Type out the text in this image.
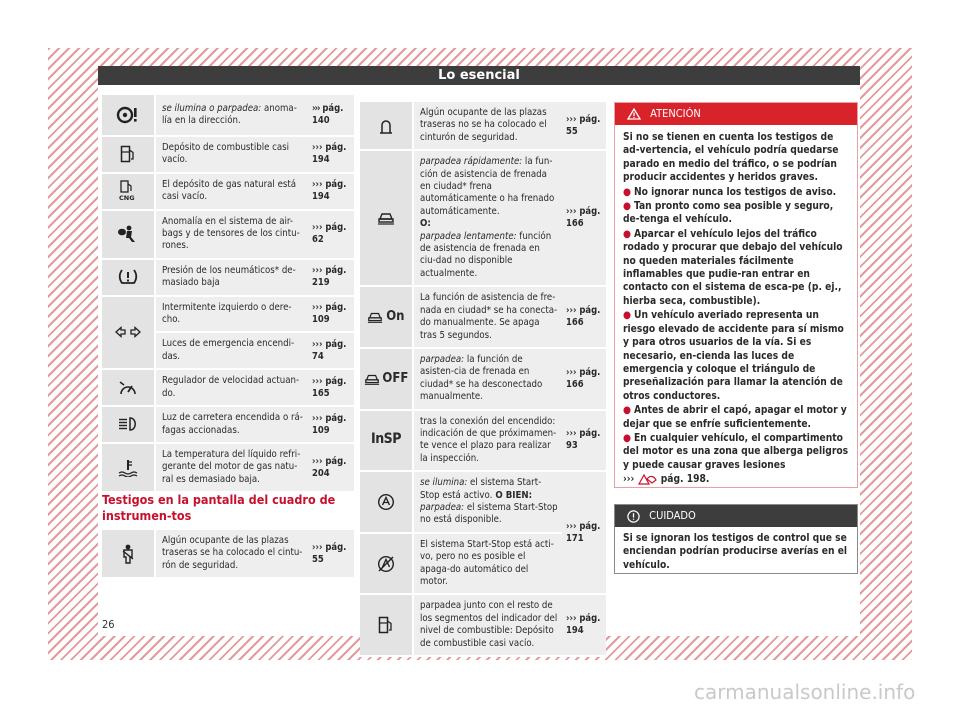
Lo esencial
	se ilumina o parpadea: anoma-lía en la dirección.	››› pág. 140
	Depósito de combustible casi vacío.	››› pág. 194

CNG	El depósito de gas natural está casi vacío.	››› pág. 194
	Anomalía en el sistema de air-bags y de tensores de los cintu-rones.	››› pág. 62
	Presión de los neumáticos* de-masiado baja	››› pág. 219
	Intermitente izquierdo o dere-cho.	››› pág. 109
	Luces de emergencia encendi-das.	››› pág. 74
	Regulador de velocidad actuan-do.	››› pág. 165
	Luz de carretera encendida o rá-fagas accionadas.	››› pág. 109
	La temperatura del líquido refri-gerante del motor de gas natu-ral es demasiado baja.	››› pág. 204
Testigos en la pantalla del cuadro de instrumen-tos
	Algún ocupante de las plazas traseras se ha colocado el cintu-rón de seguridad.	››› pág. 55
	Algún ocupante de las plazas traseras no se ha colocado el cinturón de seguridad.	››› pág. 55
	parpadea rápidamente: la fun-ción de asistencia de frenada en ciudad* frena automáticamente o ha frenado automáticamente.
O:
parpadea lentamente: función de asistencia de frenada en ciu-dad no disponible actualmente.	››› pág. 166
On	La función de asistencia de fre-nada en ciudad* se ha conecta-do manualmente. Se apaga tras 5 segundos.	››› pág. 166
OFF	parpadea: la función de asisten-cia de frenada en ciudad* se ha desconectado manualmente.	››› pág. 166
InSP	tras la conexión del encendido: indicación de que próximamen-te vence el plazo para realizar la inspección.	››› pág. 93
	se ilumina: el sistema Start-Stop está activo. O BIEN:
parpadea: el sistema Start-Stop no está disponible.	››› pág. 171
	El sistema Start-Stop está acti-vo, pero no es posible el apaga-do automático del motor.	
	parpadea junto con el resto de los segmentos del indicador del nivel de combustible: Depósito de combustible casi vacío.	››› pág. 194
ATENCIÓN

Si no se tienen en cuenta los testigos de ad-vertencia, el vehículo podría quedarse parado en medio del tráfico, o se podrían producir accidentes y heridos graves.

● No ignorar nunca los testigos de aviso.

● Tan pronto como sea posible y seguro, de-tenga el vehículo.

● Aparcar el vehículo lejos del tráfico rodado y procurar que debajo del vehículo no queden materiales fácilmente inflamables que pudie-ran entrar en contacto con el sistema de esca-pe (p. ej., hierba seca, combustible).

● Un vehículo averiado representa un riesgo elevado de accidente para sí mismo y para otros usuarios de la vía. Si es necesario, en-cienda las luces de emergencia y coloque el triángulo de preseñalización para llamar la atención de otros conductores.

● Antes de abrir el capó, apagar el motor y dejar que se enfríe suficientemente.

● En cualquier vehículo, el compartimento del motor es una zona que alberga peligros y puede causar graves lesiones

›››	pág. 198.

CUIDADO
Si se ignoran los testigos de control que se enciendan podrían producirse averías en el vehículo.
26
carmanualsonline.info
